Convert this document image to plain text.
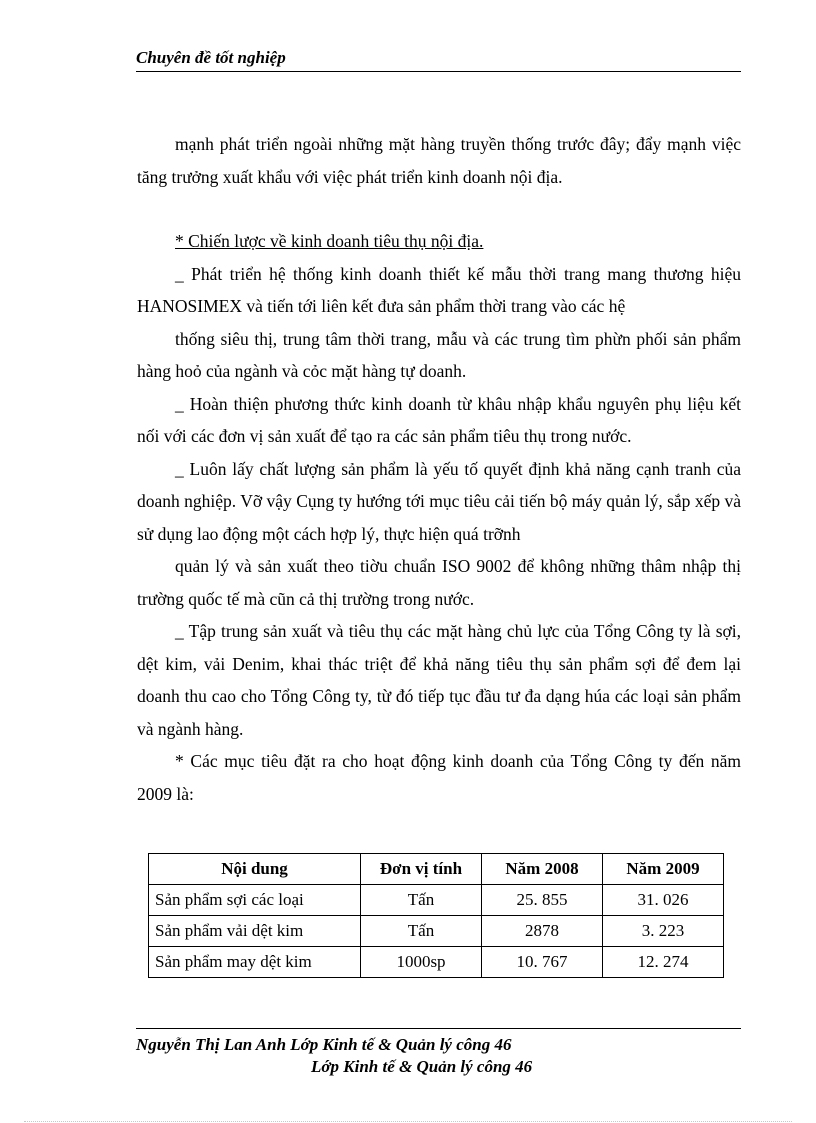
Chuyên đề tốt nghiệp

mạnh phát triển ngoài những mặt hàng truyền thống trước đây; đẩy mạnh việc tăng trưởng xuất khẩu với việc phát triển kinh doanh nội địa.

* Chiến lược về kinh doanh tiêu thụ nội địa.

_ Phát triển hệ thống kinh doanh thiết kế mẫu thời trang mang thương hiệu HANOSIMEX và tiến tới liên kết đưa sản phẩm thời trang vào các hệ

thống siêu thị, trung tâm thời trang, mẫu và các trung tìm phừn phối sản phẩm hàng hoỏ của ngành và cỏc mặt hàng tự doanh.

_ Hoàn thiện phương thức kinh doanh từ khâu nhập khẩu nguyên phụ liệu kết nối với các đơn vị sản xuất để tạo ra các sản phẩm tiêu thụ trong nước.

_ Luôn lấy chất lượng sản phẩm là yếu tố quyết định khả năng cạnh tranh của doanh nghiệp. Vỡ vậy Cụng ty hướng tới mục tiêu cải tiến bộ máy quản lý, sắp xếp và sử dụng lao động một cách hợp lý, thực hiện quá trỡnh

quản lý và sản xuất theo tiờu chuẩn ISO 9002 để không những thâm nhập thị trường quốc tế mà cũn cả thị trường trong nước.

_ Tập trung sản xuất và tiêu thụ các mặt hàng chủ lực của Tổng Công ty là sợi, dệt kim, vải Denim, khai thác triệt để khả năng tiêu thụ sản phẩm sợi để đem lại doanh thu cao cho Tổng Công ty, từ đó tiếp tục đầu tư đa dạng húa các loại sản phẩm và ngành hàng.

* Các mục tiêu đặt ra cho hoạt động kinh doanh của Tổng Công ty đến năm 2009 là:

Nội dung	Đơn vị tính	Năm 2008	Năm 2009
Sản phẩm sợi các loại	Tấn	25. 855	31. 026
Sản phẩm vải dệt kim	Tấn	2878	3. 223
Sản phẩm may dệt kim	1000sp	10. 767	12. 274
Nguyễn Thị Lan Anh Lớp Kinh tế & Quản lý công 46
Lớp Kinh tế & Quản lý công 46
